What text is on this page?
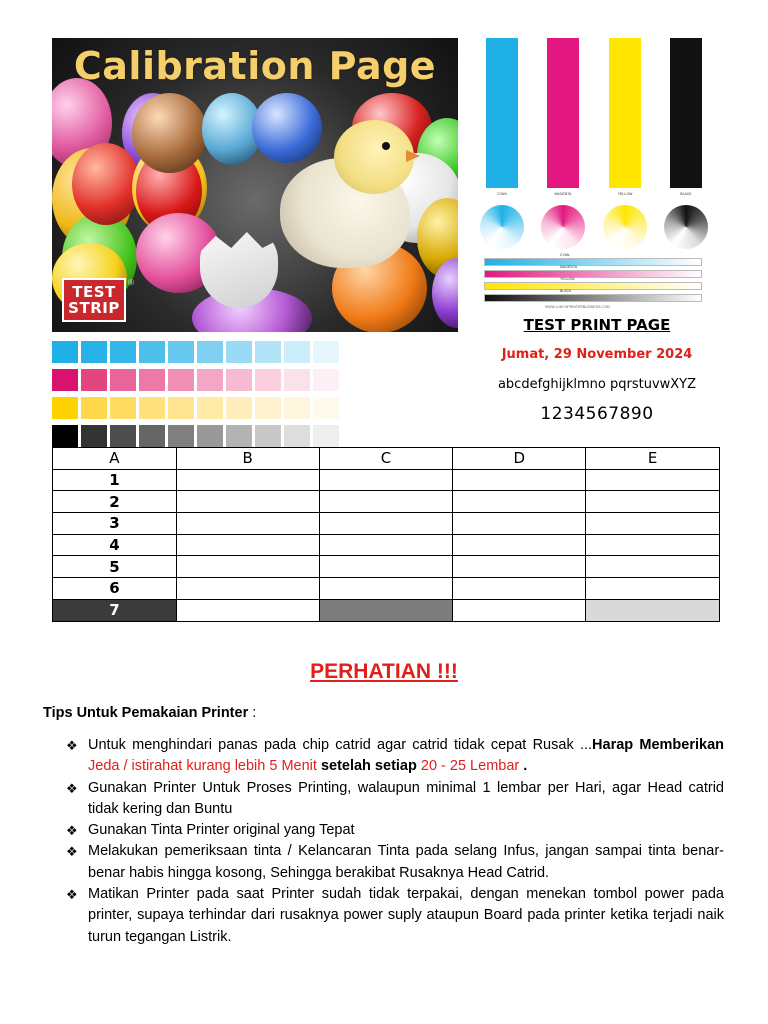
Calibration Page
TEST
STRIP
®
CYAN	MAGENTA	YELLOW	BLACK
CYAN
MAGENTA
YELLOW
BLACK
WWW.4-INCHPRINTERBUSINESS.COM
TEST PRINT PAGE
Jumat, 29 November 2024
abcdefghijklmno pqrstuvwXYZ
1234567890
A	B	C	D	E
1				
2				
3				
4				
5				
6				
7				
PERHATIAN !!!
Tips Untuk Pemakaian Printer :
❖ Untuk menghindari panas pada chip catrid agar catrid tidak cepat Rusak ...Harap Memberikan Jeda / istirahat kurang lebih 5 Menit setelah setiap 20 - 25 Lembar .
❖ Gunakan Printer Untuk Proses Printing, walaupun minimal 1 lembar per Hari, agar Head catrid tidak kering dan Buntu
❖ Gunakan Tinta Printer original yang Tepat
❖ Melakukan pemeriksaan tinta / Kelancaran Tinta pada selang Infus, jangan sampai tinta benar-benar habis hingga kosong, Sehingga berakibat Rusaknya Head Catrid.
❖ Matikan Printer pada saat Printer sudah tidak terpakai, dengan menekan tombol power pada printer, supaya terhindar dari rusaknya power suply ataupun Board pada printer ketika terjadi naik turun tegangan Listrik.
